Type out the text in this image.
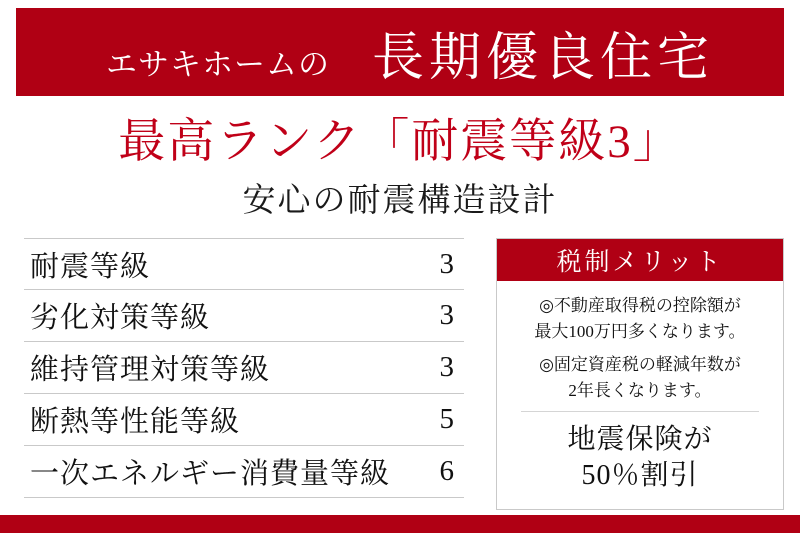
エサキホームの 長期優良住宅
最高ランク「耐震等級3」
安心の耐震構造設計
耐震等級	3
劣化対策等級	3
維持管理対策等級	3
断熱等性能等級	5
一次エネルギー消費量等級 6
税制メリット
◎不動産取得税の控除額が
最大100万円多くなります。
◎固定資産税の軽減年数が
2年長くなります。
地震保険が
50％割引
